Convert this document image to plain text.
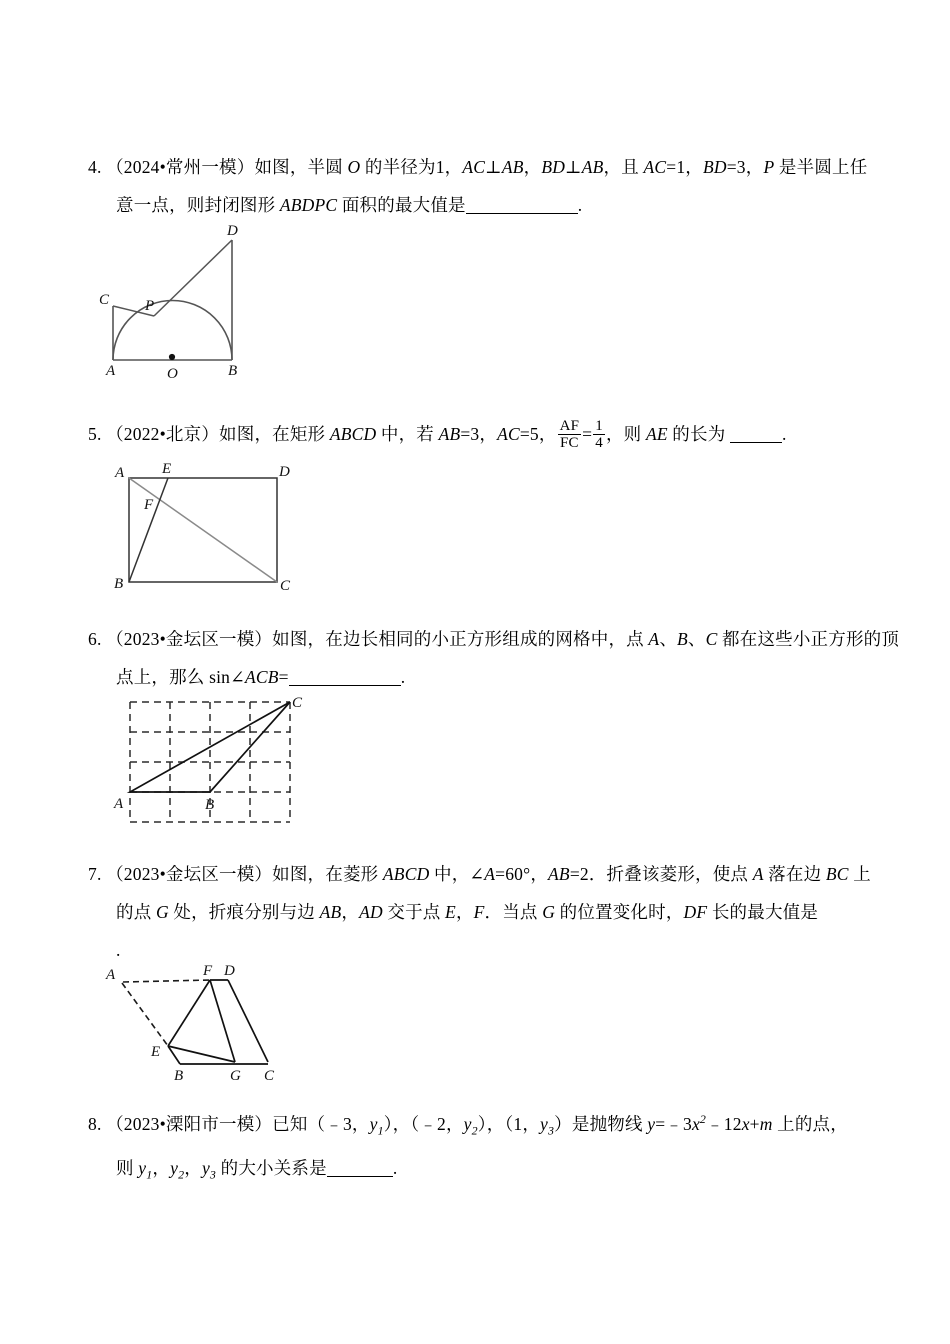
4. （2024•常州一模）如图，半圆 O 的半径为1，AC⊥AB，BD⊥AB，且 AC=1，BD=3，P 是半圆上任
意一点，则封闭图形 ABDPC 面积的最大值是	.
A	B
C
D
O
P
5. （2022•北京）如图，在矩形 ABCD 中，若 AB=3，AC=5， $\frac{AF}{FC} = \frac{1}{4}$ ，则 AE 的长为	.
A	E	D
F
B	C
6. （2023•金坛区一模）如图，在边长相同的小正方形组成的网格中，点 A、B、C 都在这些小正方形的顶
点上，那么 sin∠ACB=	.
A	B
C
7. （2023•金坛区一模）如图，在菱形 ABCD 中，∠A=60°，AB=2．折叠该菱形，使点 A 落在边 BC 上
的点 G 处，折痕分别与边 AB，AD 交于点 E，F．当点 G 的位置变化时，DF 长的最大值是
.
A	F D
E
B	G C
8. （2023•溧阳市一模）已知（﹣3，$y_1$），（﹣2，$y_2$），（1，$y_3$）是抛物线 $y=﹣3x^2﹣12x+m$ 上的点，
则 $y_1$，$y_2$，$y_3$ 的大小关系是	.
